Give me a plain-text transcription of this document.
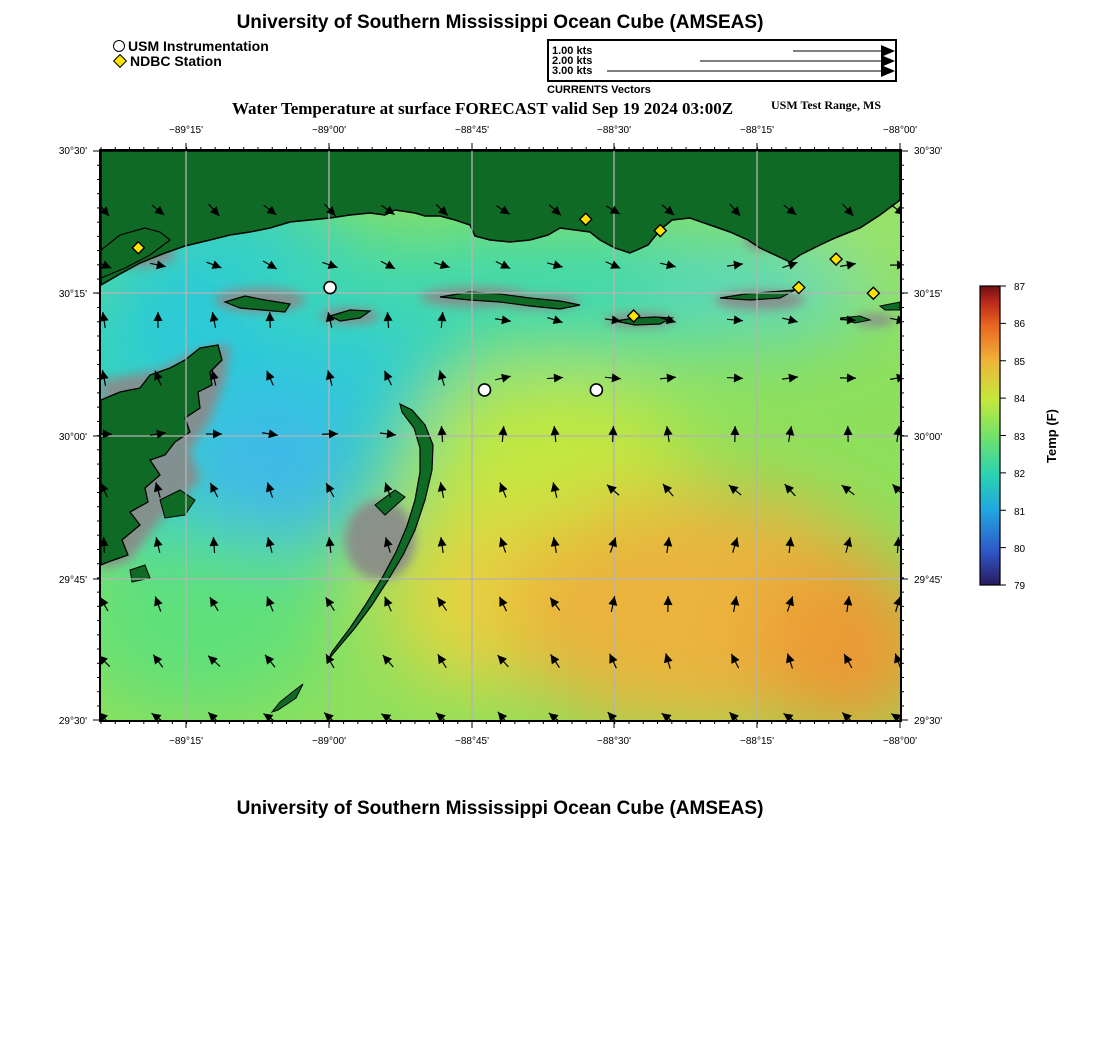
University of Southern Mississippi Ocean Cube (AMSEAS)
USM Instrumentation
NDBC Station
1.00 kts
2.00 kts
3.00 kts
CURRENTS Vectors
Water Temperature at surface FORECAST valid Sep 19 2024 03:00Z	USM Test Range, MS
−89°15'	−89°00'	−88°45'	−88°30'	−88°15'	−88°00'
−89°15'	−89°00'	−88°45'	−88°30'	−88°15'	−88°00'
30°30'
30°15'
30°00'
29°45'
29°30'
30°30'
30°15'
30°00'
29°45'
29°30'
87
86
85
84
83
82
81
80
79
Temp (F)
University of Southern Mississippi Ocean Cube (AMSEAS)
